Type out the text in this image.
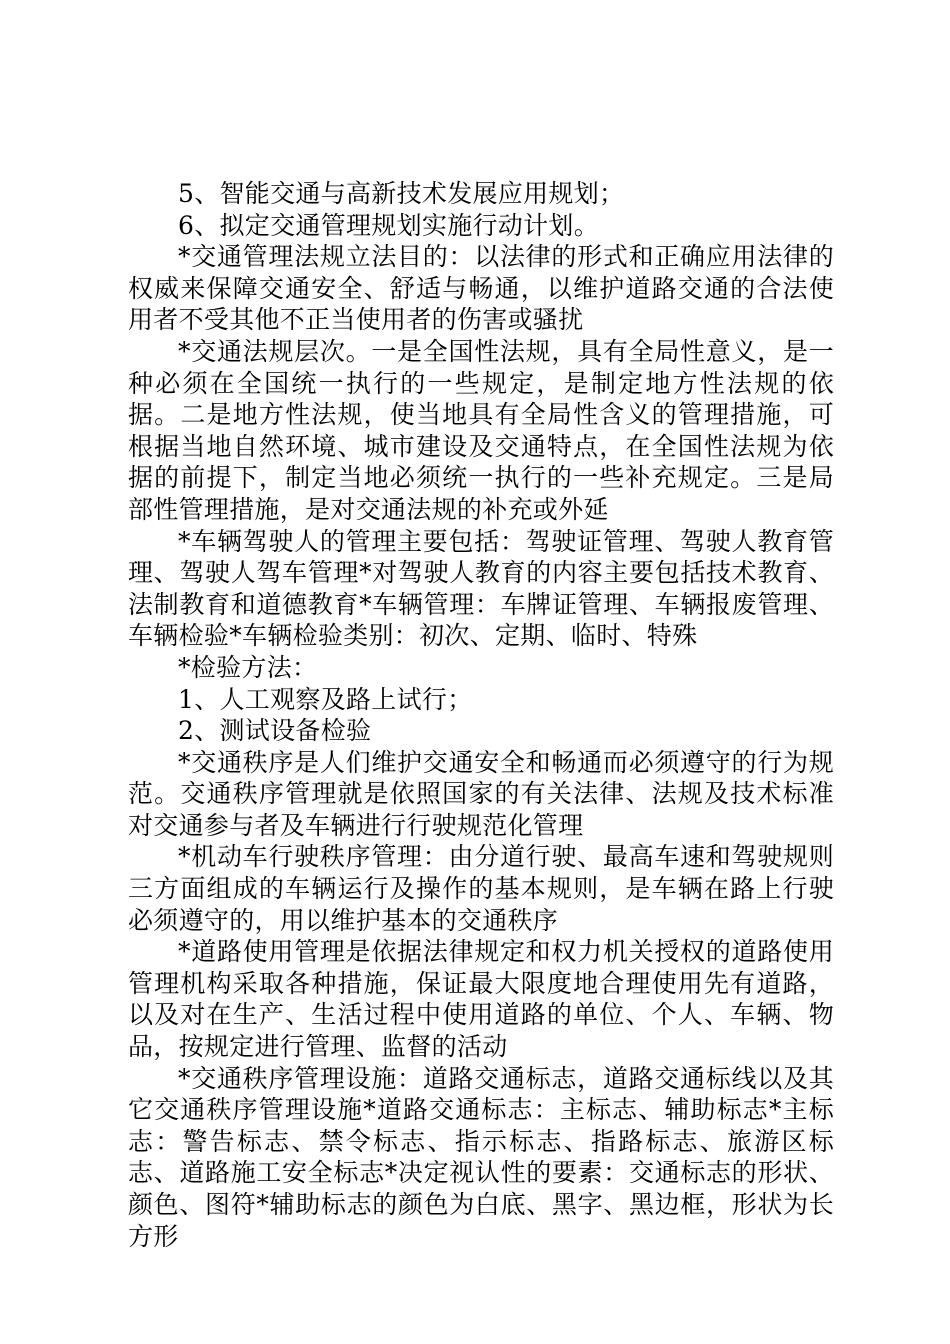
5、智能交通与高新技术发展应用规划；

6、拟定交通管理规划实施行动计划。

*交通管理法规立法目的：以法律的形式和正确应用法律的权威来保障交通安全、舒适与畅通，以维护道路交通的合法使用者不受其他不正当使用者的伤害或骚扰

*交通法规层次。一是全国性法规，具有全局性意义，是一种必须在全国统一执行的一些规定，是制定地方性法规的依据。二是地方性法规，使当地具有全局性含义的管理措施，可根据当地自然环境、城市建设及交通特点，在全国性法规为依据的前提下，制定当地必须统一执行的一些补充规定。三是局部性管理措施，是对交通法规的补充或外延

*车辆驾驶人的管理主要包括：驾驶证管理、驾驶人教育管理、驾驶人驾车管理*对驾驶人教育的内容主要包括技术教育、法制教育和道德教育*车辆管理：车牌证管理、车辆报废管理、车辆检验*车辆检验类别：初次、定期、临时、特殊

*检验方法：

1、人工观察及路上试行；

2、测试设备检验

*交通秩序是人们维护交通安全和畅通而必须遵守的行为规范。交通秩序管理就是依照国家的有关法律、法规及技术标准对交通参与者及车辆进行行驶规范化管理

*机动车行驶秩序管理：由分道行驶、最高车速和驾驶规则三方面组成的车辆运行及操作的基本规则，是车辆在路上行驶必须遵守的，用以维护基本的交通秩序

*道路使用管理是依据法律规定和权力机关授权的道路使用管理机构采取各种措施，保证最大限度地合理使用先有道路，以及对在生产、生活过程中使用道路的单位、个人、车辆、物品，按规定进行管理、监督的活动

*交通秩序管理设施：道路交通标志，道路交通标线以及其它交通秩序管理设施*道路交通标志：主标志、辅助标志*主标志：警告标志、禁令标志、指示标志、指路标志、旅游区标志、道路施工安全标志*决定视认性的要素：交通标志的形状、颜色、图符*辅助标志的颜色为白底、黑字、黑边框，形状为长方形
